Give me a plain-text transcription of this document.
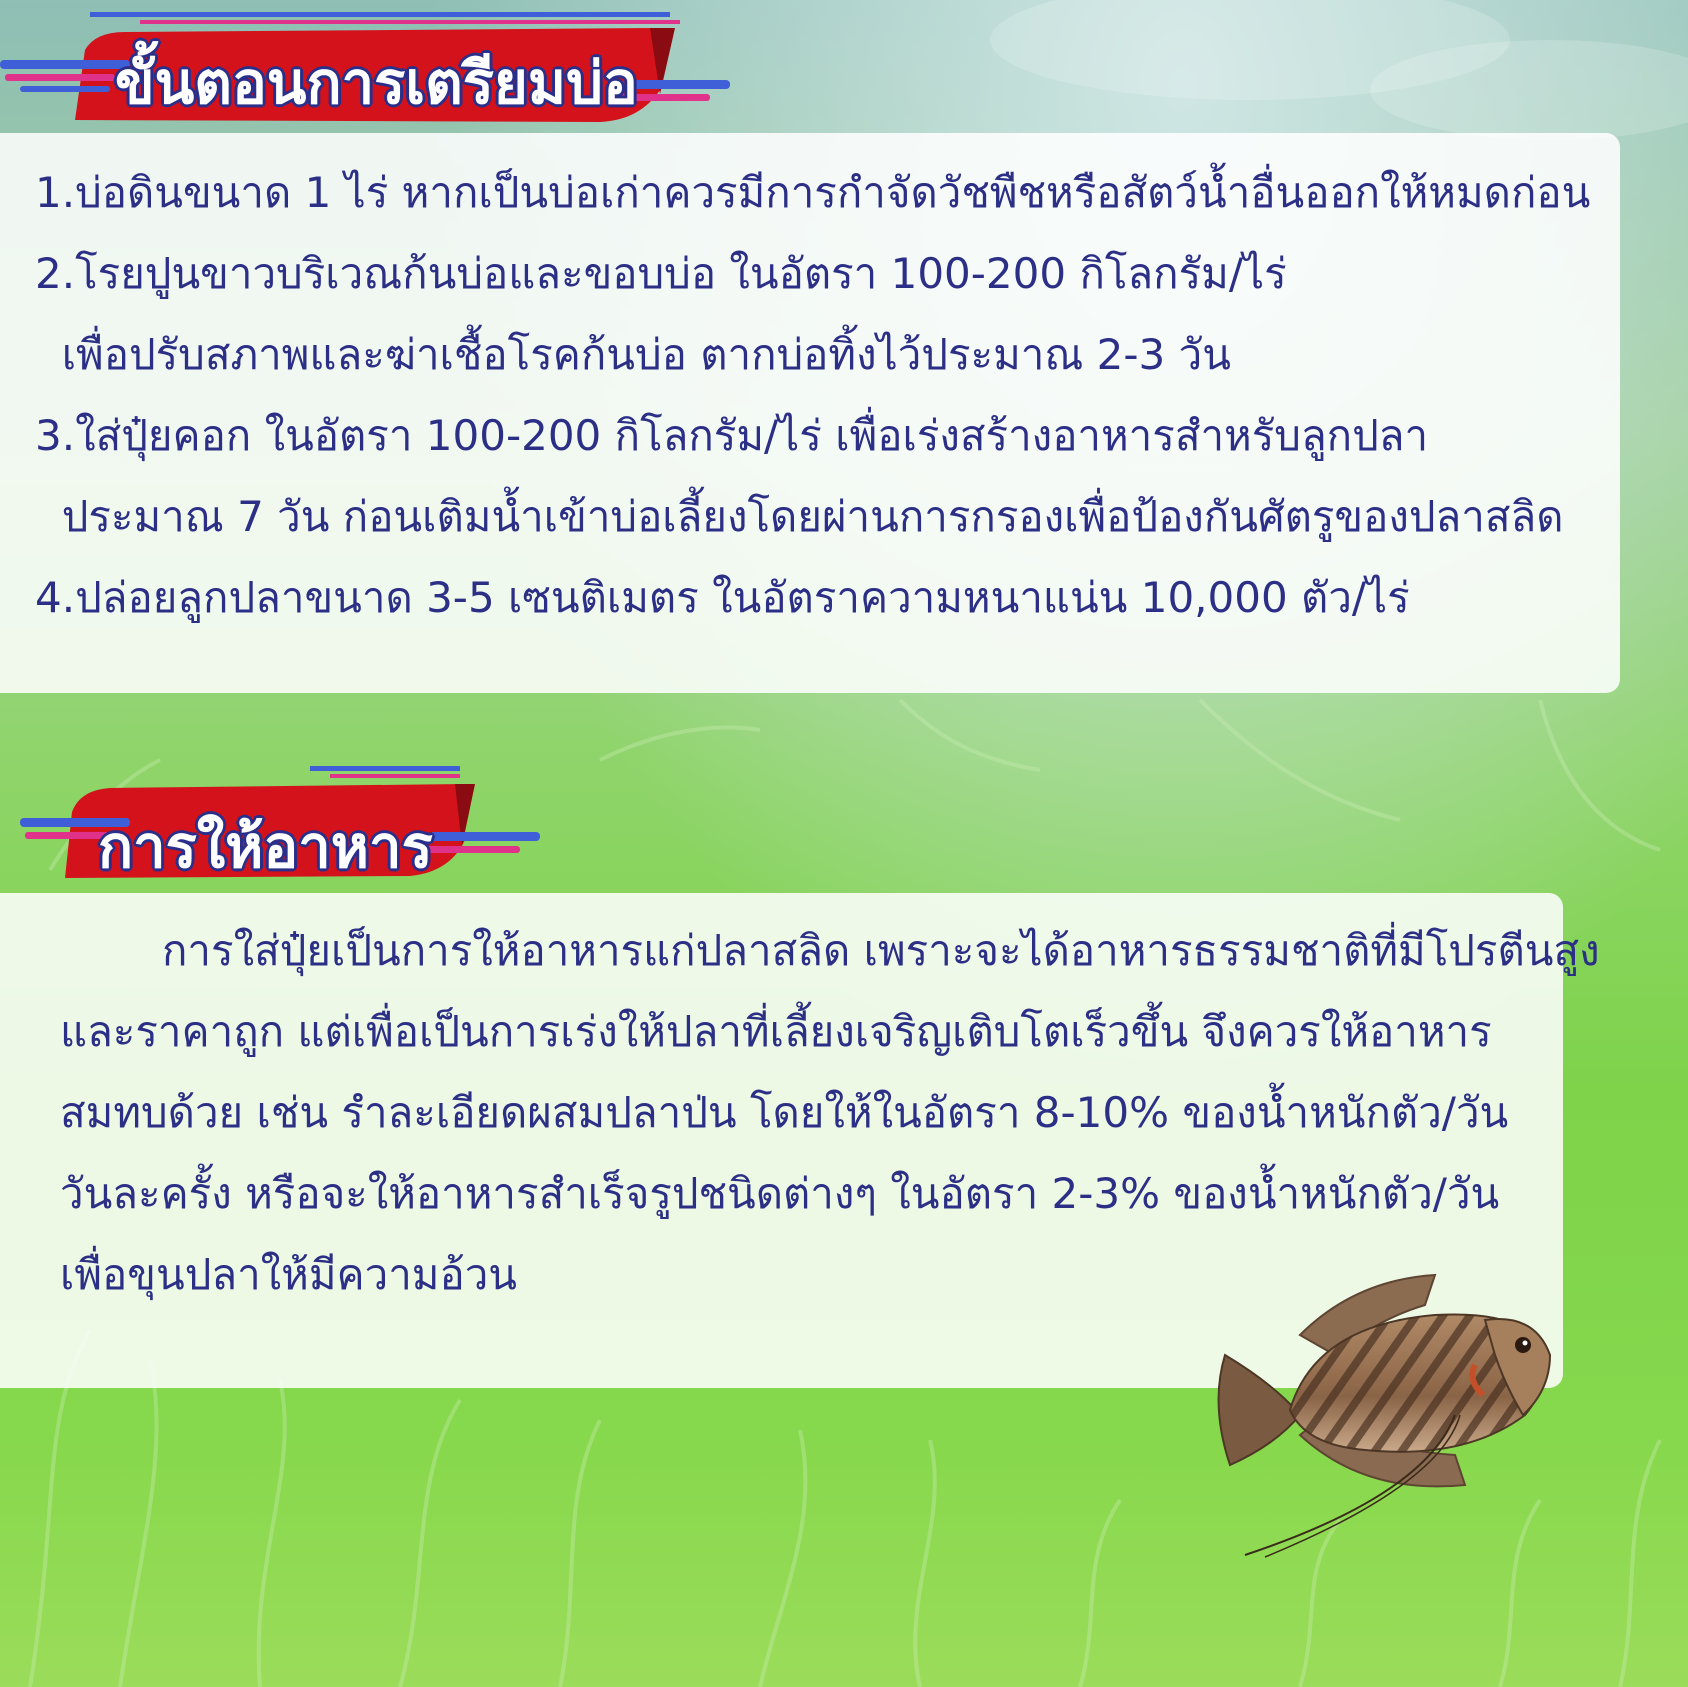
ขั้นตอนการเตรียมบ่อ
1.บ่อดินขนาด 1 ไร่ หากเป็นบ่อเก่าควรมีการกำจัดวัชพืชหรือสัตว์น้ำอื่นออกให้หมดก่อน
2.โรยปูนขาวบริเวณก้นบ่อและขอบบ่อ ในอัตรา 100-200 กิโลกรัม/ไร่
เพื่อปรับสภาพและฆ่าเชื้อโรคก้นบ่อ ตากบ่อทิ้งไว้ประมาณ 2-3 วัน
3.ใส่ปุ๋ยคอก ในอัตรา 100-200 กิโลกรัม/ไร่ เพื่อเร่งสร้างอาหารสำหรับลูกปลา
ประมาณ 7 วัน ก่อนเติมน้ำเข้าบ่อเลี้ยงโดยผ่านการกรองเพื่อป้องกันศัตรูของปลาสลิด
4.ปล่อยลูกปลาขนาด 3-5 เซนติเมตร ในอัตราความหนาแน่น 10,000 ตัว/ไร่
การให้อาหาร
การใส่ปุ๋ยเป็นการให้อาหารแก่ปลาสลิด เพราะจะได้อาหารธรรมชาติที่มีโปรตีนสูง
และราคาถูก แต่เพื่อเป็นการเร่งให้ปลาที่เลี้ยงเจริญเติบโตเร็วขึ้น จึงควรให้อาหาร
สมทบด้วย เช่น รำละเอียดผสมปลาป่น โดยให้ในอัตรา 8-10% ของน้ำหนักตัว/วัน
วันละครั้ง หรือจะให้อาหารสำเร็จรูปชนิดต่างๆ ในอัตรา 2-3% ของน้ำหนักตัว/วัน
เพื่อขุนปลาให้มีความอ้วน
